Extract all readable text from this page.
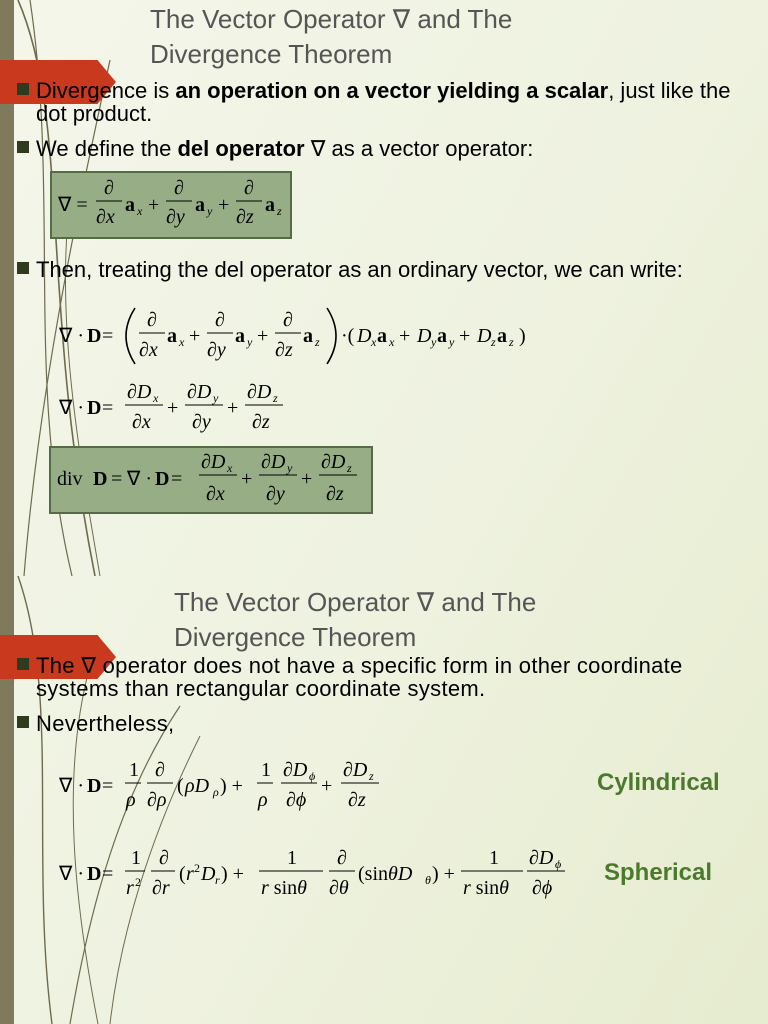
The Vector Operator ∇ and The
Divergence Theorem
Divergence is an operation on a vector yielding a scalar, just like the dot product.
We define the del operator ∇ as a vector operator:
∇ =
∂
∂x
a x +
∂
∂y
a y +
∂
∂z
a z
Then, treating the del operator as an ordinary vector, we can write:
∇ · D =
∂
∂x
a x +
∂
∂y
a y +
∂
∂z
a z ·( D x a x + D y a y + D z a z )
∇ · D =
∂D x
∂x
+
∂D y
∂y
+
∂D z
∂z
div D = ∇ · D =
∂D x
∂x
+
∂D y
∂y
+
∂D z
∂z
The Vector Operator ∇ and The
Divergence Theorem
The ∇ operator does not have a specific form in other coordinate systems than rectangular coordinate system.
Nevertheless,
∇ · D =
1
ρ
∂
∂ρ
( ρD ρ ) +
1
ρ
∂D ϕ
∂ϕ
+
∂D z
∂z
Cylindrical
∇ · D =
1
r 2
∂
∂r
( r 2 D r ) +
1
r sinθ
∂
∂θ
(sinθD θ ) +
1
r sinθ
∂D ϕ
∂ϕ
Spherical
